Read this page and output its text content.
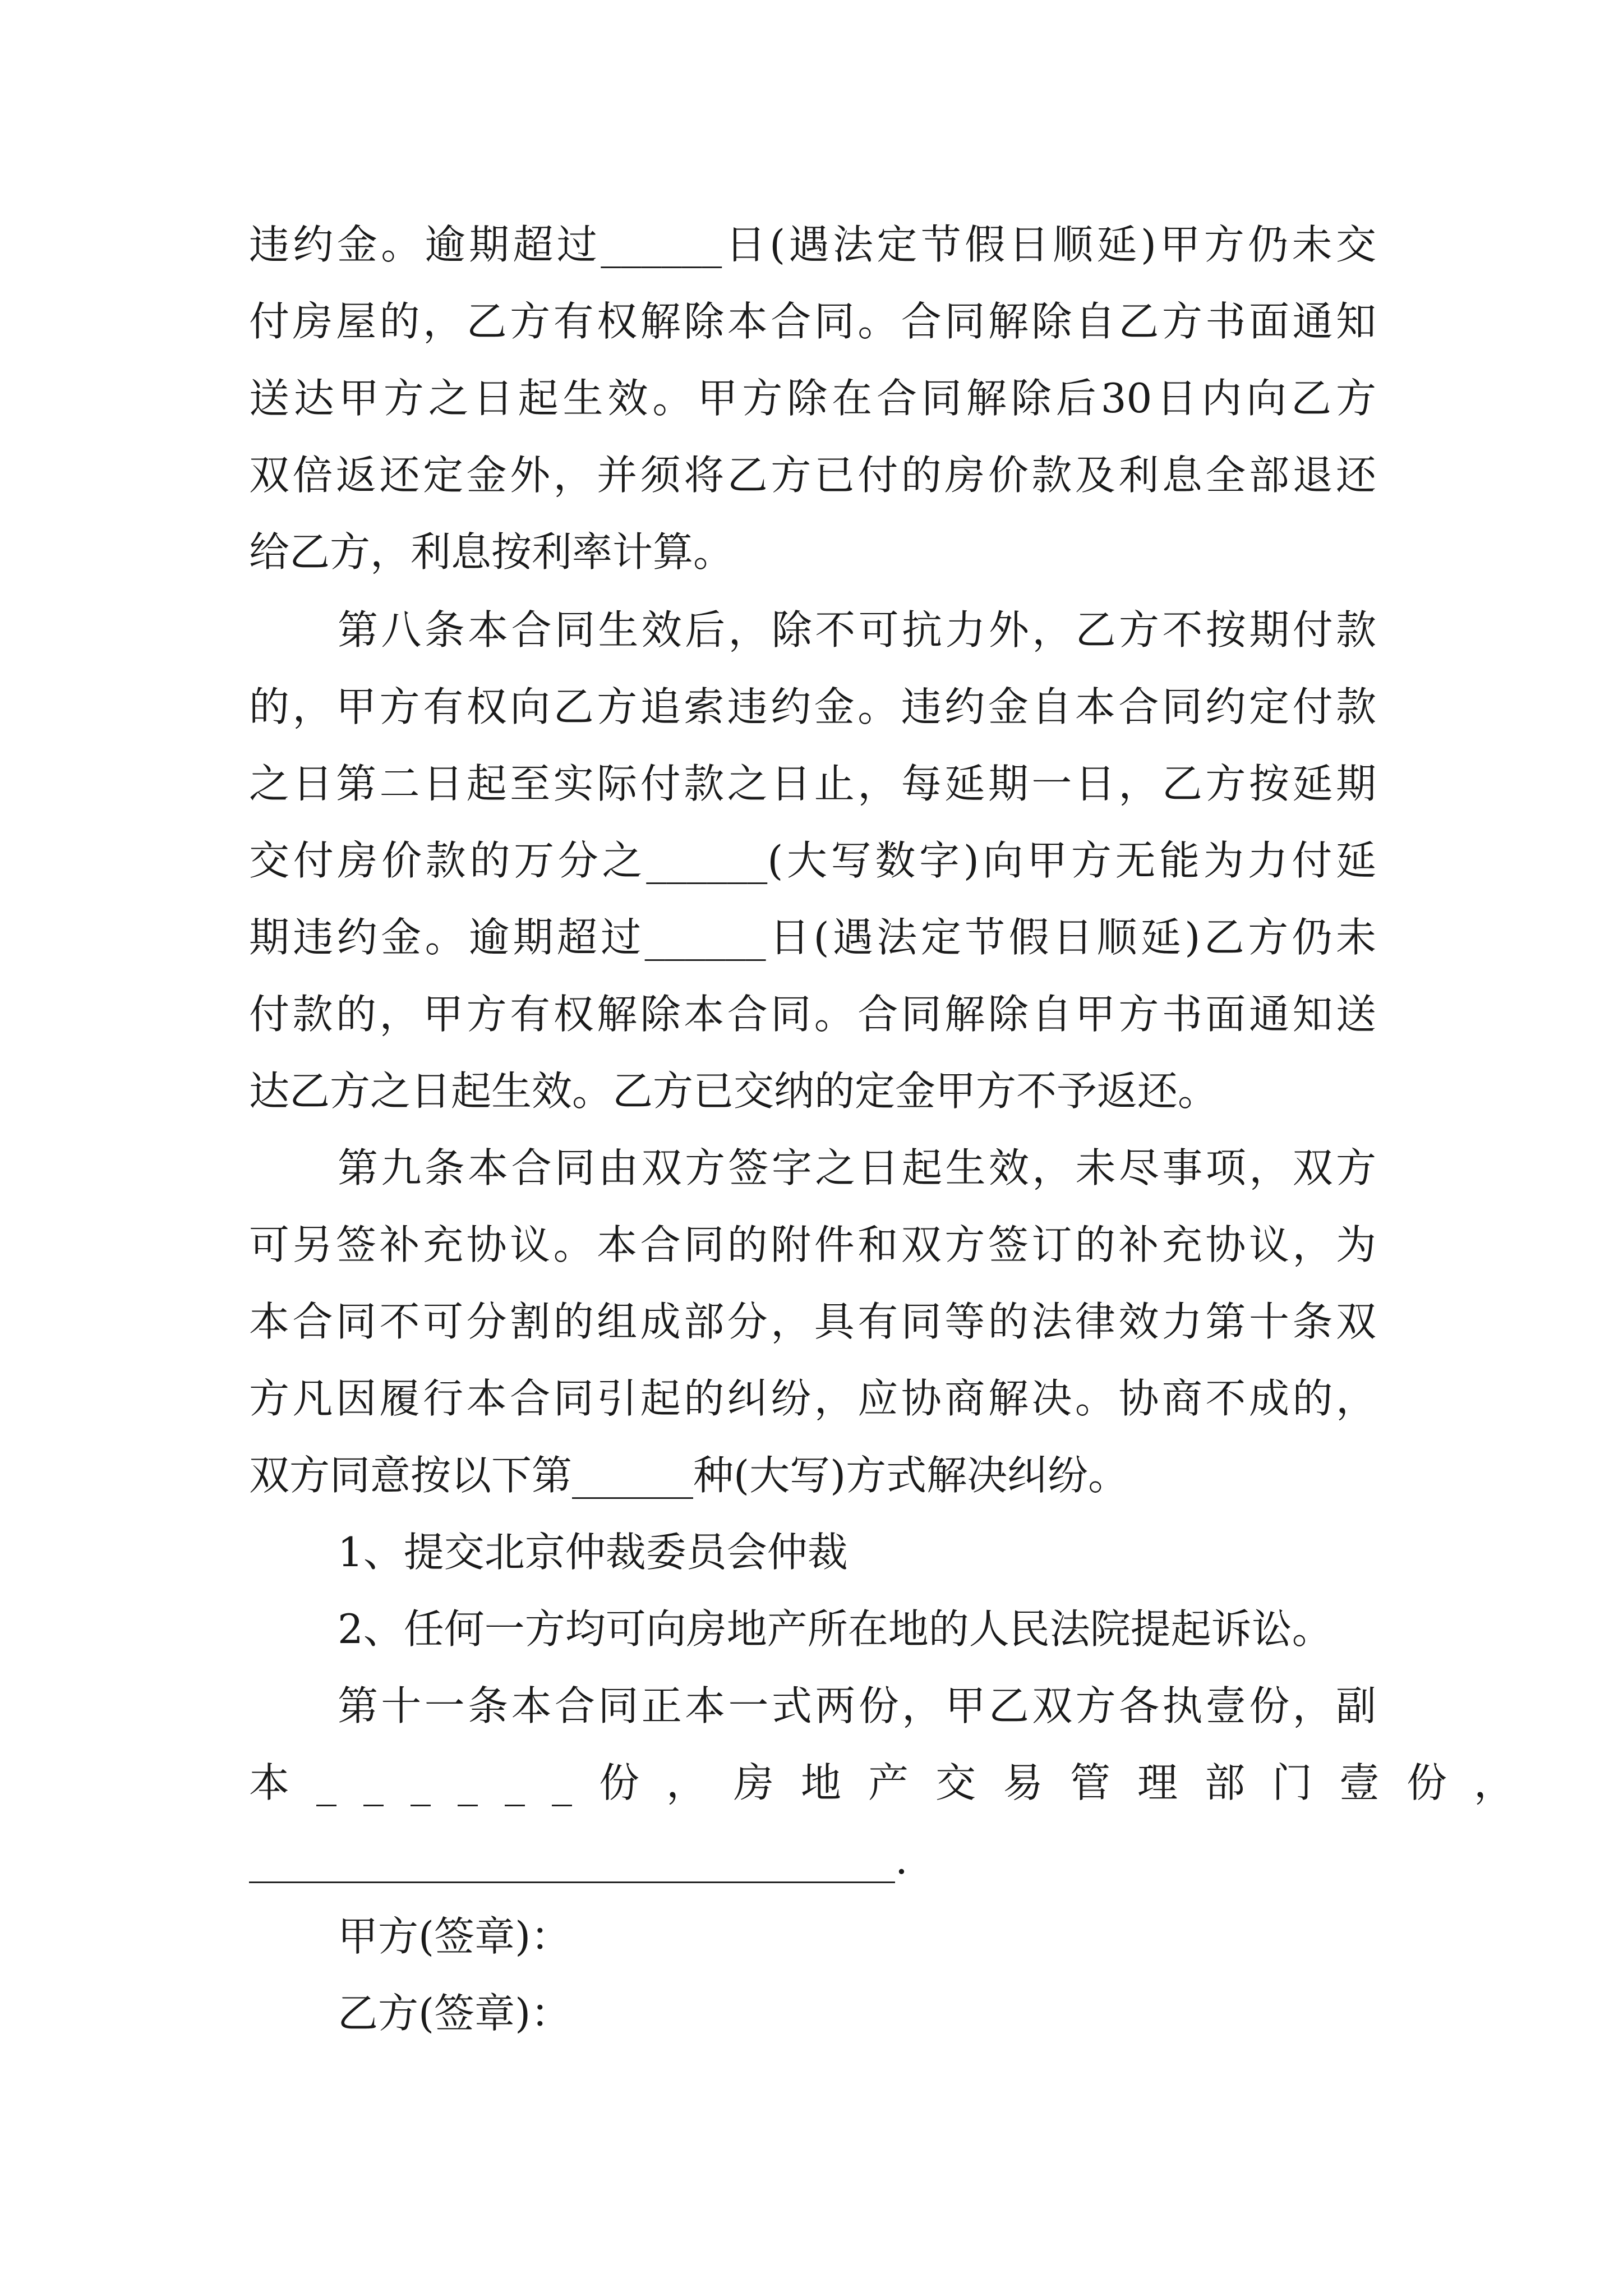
违约金。逾期超过______日(遇法定节假日顺延)甲方仍未交
付房屋的，乙方有权解除本合同。合同解除自乙方书面通知
送达甲方之日起生效。甲方除在合同解除后30日内向乙方
双倍返还定金外，并须将乙方已付的房价款及利息全部退还
给乙方，利息按利率计算。
第八条本合同生效后，除不可抗力外，乙方不按期付款
的，甲方有权向乙方追索违约金。违约金自本合同约定付款
之日第二日起至实际付款之日止，每延期一日，乙方按延期
交付房价款的万分之______(大写数字)向甲方无能为力付延
期违约金。逾期超过______日(遇法定节假日顺延)乙方仍未
付款的，甲方有权解除本合同。合同解除自甲方书面通知送
达乙方之日起生效。乙方已交纳的定金甲方不予返还。
第九条本合同由双方签字之日起生效，未尽事项，双方
可另签补充协议。本合同的附件和双方签订的补充协议，为
本合同不可分割的组成部分，具有同等的法律效力第十条双
方凡因履行本合同引起的纠纷，应协商解决。协商不成的，
双方同意按以下第______种(大写)方式解决纠纷。
1、提交北京仲裁委员会仲裁
2、任何一方均可向房地产所在地的人民法院提起诉讼。
第十一条本合同正本一式两份，甲乙双方各执壹份，副
本______份，房地产交易管理部门壹份，
________________________________.
甲方(签章)：
乙方(签章)：
